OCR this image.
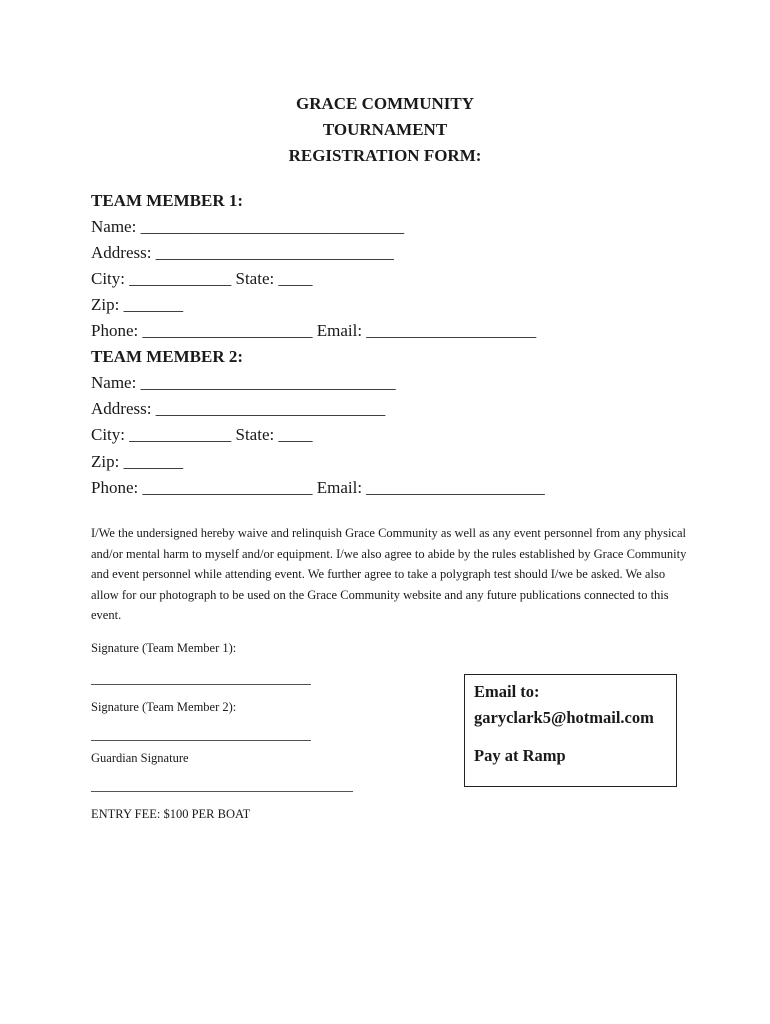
GRACE COMMUNITY
TOURNAMENT
REGISTRATION FORM:
TEAM MEMBER 1:
Name: _______________________________
Address: ____________________________
City: ____________ State: ____
Zip: _______
Phone: ____________________ Email: ____________________
TEAM MEMBER 2:
Name: ______________________________
Address: ___________________________
City: ____________ State: ____
Zip: _______
Phone: ____________________ Email: _____________________
I/We the undersigned hereby waive and relinquish Grace Community as well as any event personnel from any physical and/or mental harm to myself and/or equipment. I/we also agree to abide by the rules established by Grace Community and event personnel while attending event. We further agree to take a polygraph test should I/we be asked. We also allow for our photograph to be used on the Grace Community website and any future publications connected to this event.
Signature (Team Member 1):
Signature (Team Member 2):
Guardian Signature
ENTRY FEE: $100 PER BOAT
Email to:
garyclark5@hotmail.com
Pay at Ramp
